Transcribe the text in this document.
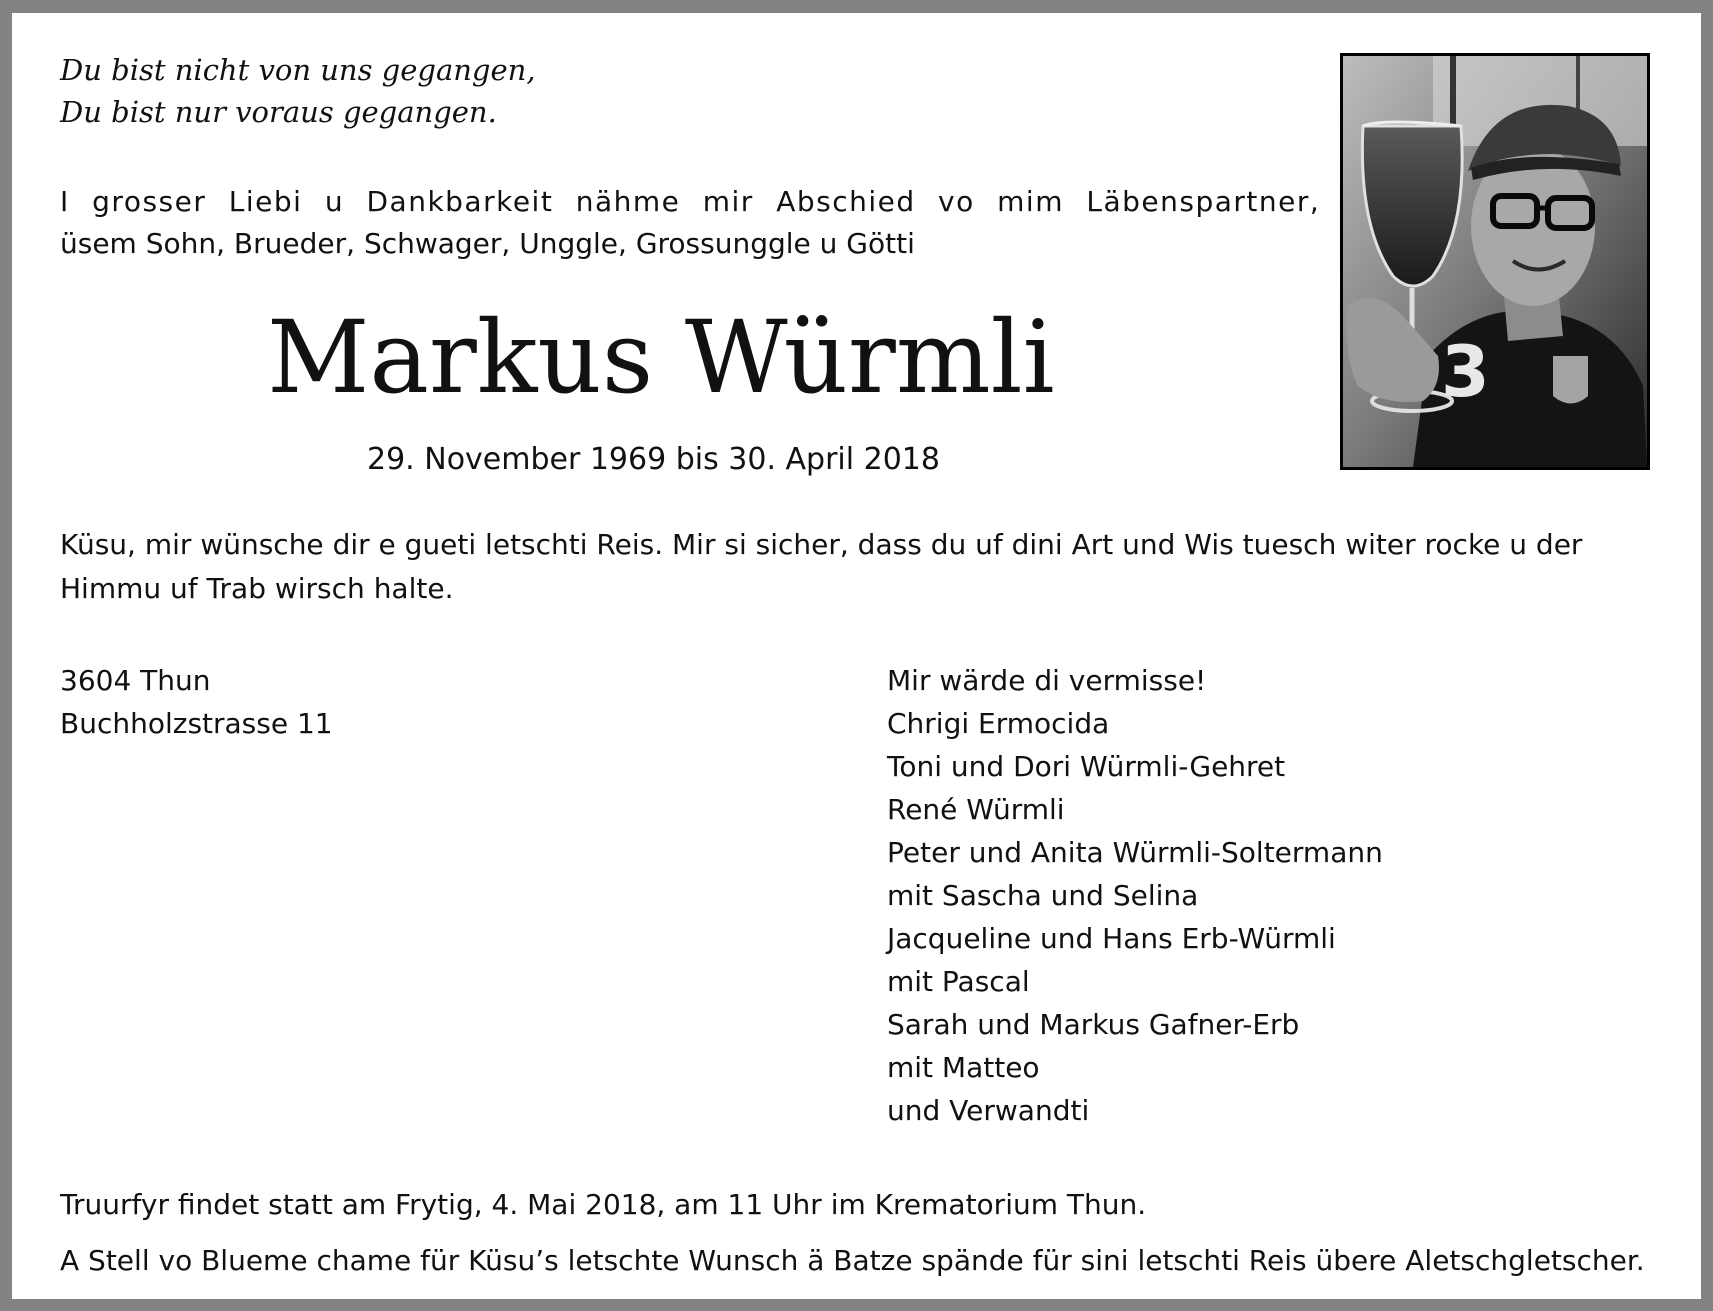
Du bist nicht von uns gegangen,
Du bist nur voraus gegangen.
I grosser Liebi u Dankbarkeit nähme mir Abschied vo mim Läbenspartner,
üsem Sohn, Brueder, Schwager, Unggle, Grossunggle u Götti
Markus Würmli
29. November 1969 bis 30. April 2018
3
Küsu, mir wünsche dir e gueti letschti Reis. Mir si sicher, dass du uf dini Art und Wis tuesch witer rocke u der
Himmu uf Trab wirsch halte.
3604 Thun
Buchholzstrasse 11
Mir wärde di vermisse!
Chrigi Ermocida
Toni und Dori Würmli-Gehret
René Würmli
Peter und Anita Würmli-Soltermann
mit Sascha und Selina
Jacqueline und Hans Erb-Würmli
mit Pascal
Sarah und Markus Gafner-Erb
mit Matteo
und Verwandti
Truurfyr findet statt am Frytig, 4. Mai 2018, am 11 Uhr im Krematorium Thun.
A Stell vo Blueme chame für Küsu’s letschte Wunsch ä Batze spände für sini letschti Reis übere Aletschgletscher.
